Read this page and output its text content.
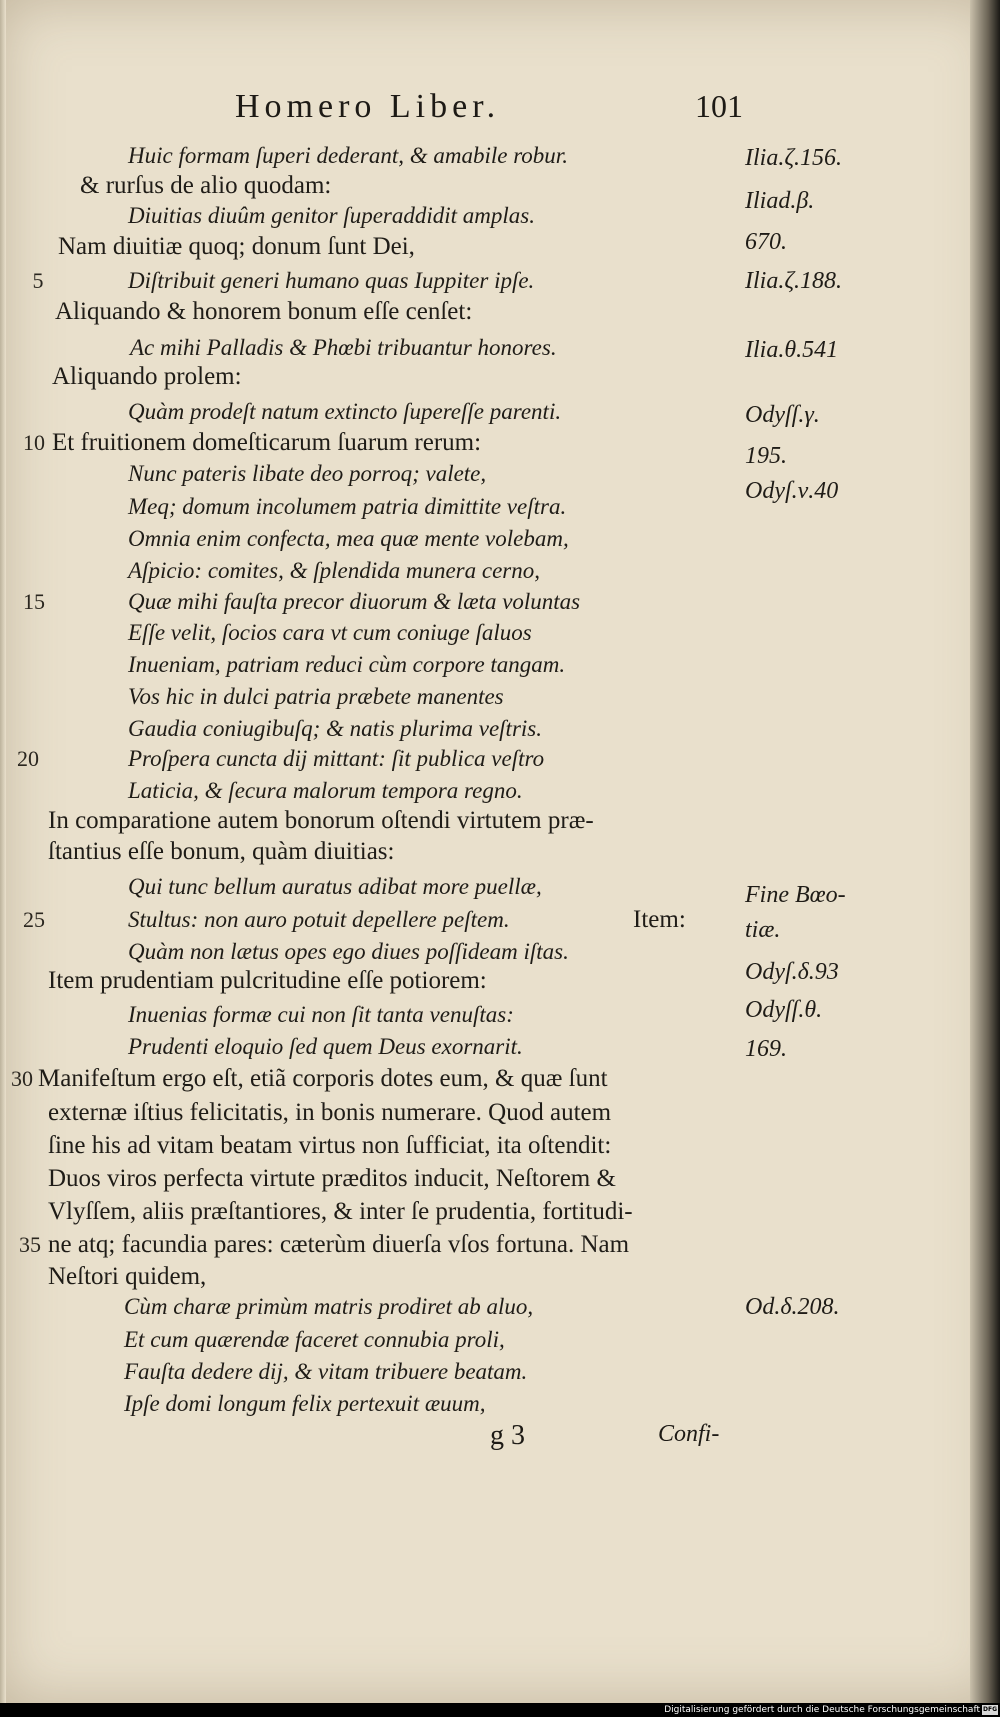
Homero Liber.	101
Huic formam ſuperi dederant, & amabile robur.
& rurſus de alio quodam:
Diuitias diuûm genitor ſuperaddidit amplas.
Nam diuitiæ quoq; donum ſunt Dei,
Diſtribuit generi humano quas Iuppiter ipſe.
Aliquando & honorem bonum eſſe cenſet:
Ac mihi Palladis & Phœbi tribuantur honores.
Aliquando prolem:
Quàm prodeſt natum extincto ſupereſſe parenti.
Et fruitionem domeſticarum ſuarum rerum:
Nunc pateris libate deo porroq; valete,
Meq; domum incolumem patria dimittite veſtra.
Omnia enim confecta, mea quæ mente volebam,
Aſpicio: comites, & ſplendida munera cerno,
Quæ mihi fauſta precor diuorum & læta voluntas
Eſſe velit, ſocios cara vt cum coniuge ſaluos
Inueniam, patriam reduci cùm corpore tangam.
Vos hic in dulci patria præbete manentes
Gaudia coniugibuſq; & natis plurima veſtris.
Proſpera cuncta dij mittant: ſit publica veſtro
Laticia, & ſecura malorum tempora regno.
In comparatione autem bonorum oſtendi virtutem præ-
ſtantius eſſe bonum, quàm diuitias:
Qui tunc bellum auratus adibat more puellæ,
Stultus: non auro potuit depellere peſtem.	Item:
Quàm non lætus opes ego diues poſſideam iſtas.
Item prudentiam pulcritudine eſſe potiorem:
Inuenias formæ cui non ſit tanta venuſtas:
Prudenti eloquio ſed quem Deus exornarit.
Manifeſtum ergo eſt, etiã corporis dotes eum, & quæ ſunt
externæ iſtius felicitatis, in bonis numerare. Quod autem
ſine his ad vitam beatam virtus non ſufficiat, ita oſtendit:
Duos viros perfecta virtute præditos inducit, Neſtorem &
Vlyſſem, aliis præſtantiores, & inter ſe prudentia, fortitudi-
ne atq; facundia pares: cæterùm diuerſa vſos fortuna. Nam
Neſtori quidem,
Cùm charæ primùm matris prodiret ab aluo,
Et cum quærendæ faceret connubia proli,
Fauſta dedere dij, & vitam tribuere beatam.
Ipſe domi longum felix pertexuit æuum,
5
10
15
20
25
30
35
Ilia.ζ.156.
Iliad.β.
670.
Ilia.ζ.188.
Ilia.θ.541
Odyſſ.γ.
195.
Odyſ.ν.40
Fine Bœo-
tiæ.
Odyſ.δ.93
Odyſſ.θ.
169.
Od.δ.208.
g 3	Confi-
Digitalisierung gefördert durch die Deutsche Forschungsgemeinschaft DFG
